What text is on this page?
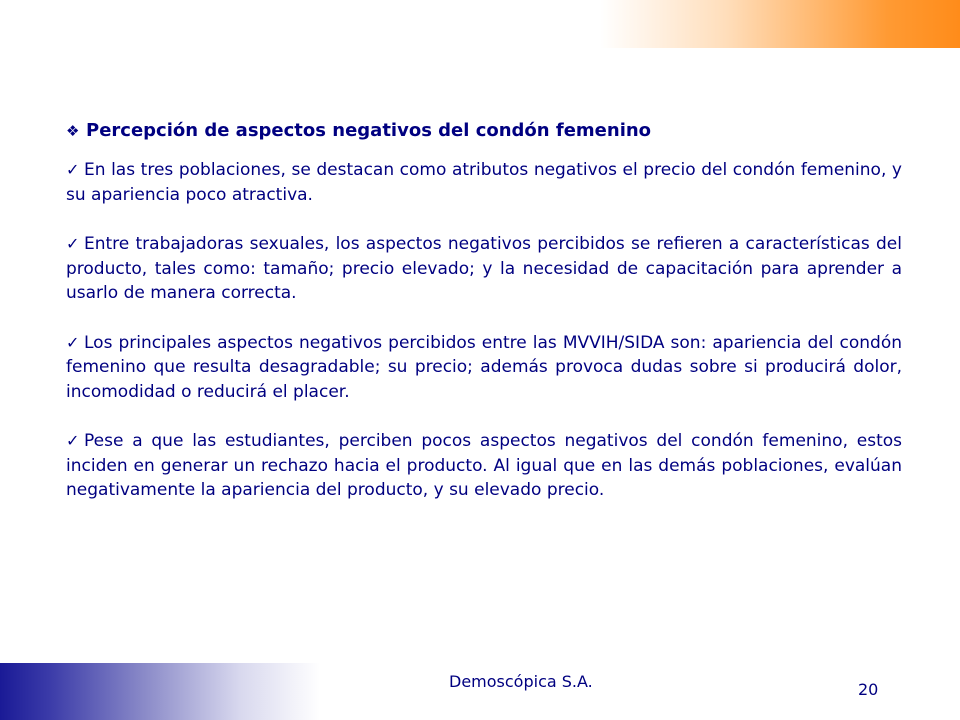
❖ Percepción de aspectos negativos del condón femenino

✓ En las tres poblaciones, se destacan como atributos negativos el precio del condón femenino, y su apariencia poco atractiva.

✓ Entre trabajadoras sexuales, los aspectos negativos percibidos se refieren a características del producto, tales como: tamaño; precio elevado; y la necesidad de capacitación para aprender a usarlo de manera correcta.

✓ Los principales aspectos negativos percibidos entre las MVVIH/SIDA son: apariencia del condón femenino que resulta desagradable; su precio; además provoca dudas sobre si producirá dolor, incomodidad o reducirá el placer.

✓ Pese a que las estudiantes, perciben pocos aspectos negativos del condón femenino, estos inciden en generar un rechazo hacia el producto. Al igual que en las demás poblaciones, evalúan negativamente la apariencia del producto, y su elevado precio.

Demoscópica S.A.	20
